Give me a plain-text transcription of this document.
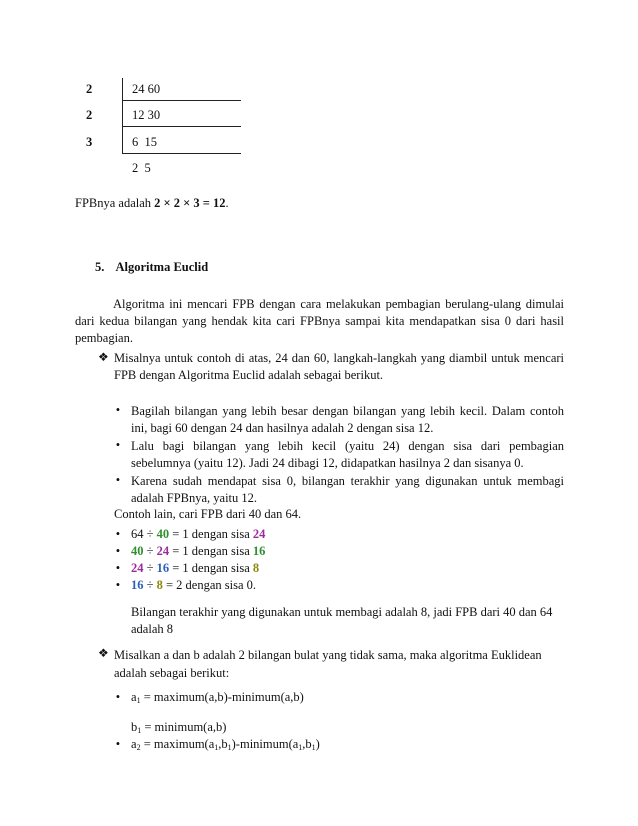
2
2
3
24 60
12 30
6  15
2  5
FPBnya adalah 2 × 2 × 3 = 12.
5. Algoritma Euclid
Algoritma ini mencari FPB dengan cara melakukan pembagian berulang-ulang dimulai dari kedua bilangan yang hendak kita cari FPBnya sampai kita mendapatkan sisa 0 dari hasil pembagian.
❖ Misalnya untuk contoh di atas, 24 dan 60, langkah-langkah yang diambil untuk mencari FPB dengan Algoritma Euclid adalah sebagai berikut.
• Bagilah bilangan yang lebih besar dengan bilangan yang lebih kecil. Dalam contoh ini, bagi 60 dengan 24 dan hasilnya adalah 2 dengan sisa 12.
• Lalu bagi bilangan yang lebih kecil (yaitu 24) dengan sisa dari pembagian sebelumnya (yaitu 12). Jadi 24 dibagi 12, didapatkan hasilnya 2 dan sisanya 0.
• Karena sudah mendapat sisa 0, bilangan terakhir yang digunakan untuk membagi adalah FPBnya, yaitu 12.
Contoh lain, cari FPB dari 40 dan 64.
• 64 ÷ 40 = 1 dengan sisa 24
• 40 ÷ 24 = 1 dengan sisa 16
• 24 ÷ 16 = 1 dengan sisa 8
• 16 ÷ 8 = 2 dengan sisa 0.
Bilangan terakhir yang digunakan untuk membagi adalah 8, jadi FPB dari 40 dan 64 adalah 8
❖ Misalkan a dan b adalah 2 bilangan bulat yang tidak sama, maka algoritma Euklidean adalah sebagai berikut:
• $a_1$ = maximum(a,b)-minimum(a,b)
$b_1$ = minimum(a,b)
• $a_2$ = $maximum(a_1,b_1)-minimum(a_1,b_1)$
